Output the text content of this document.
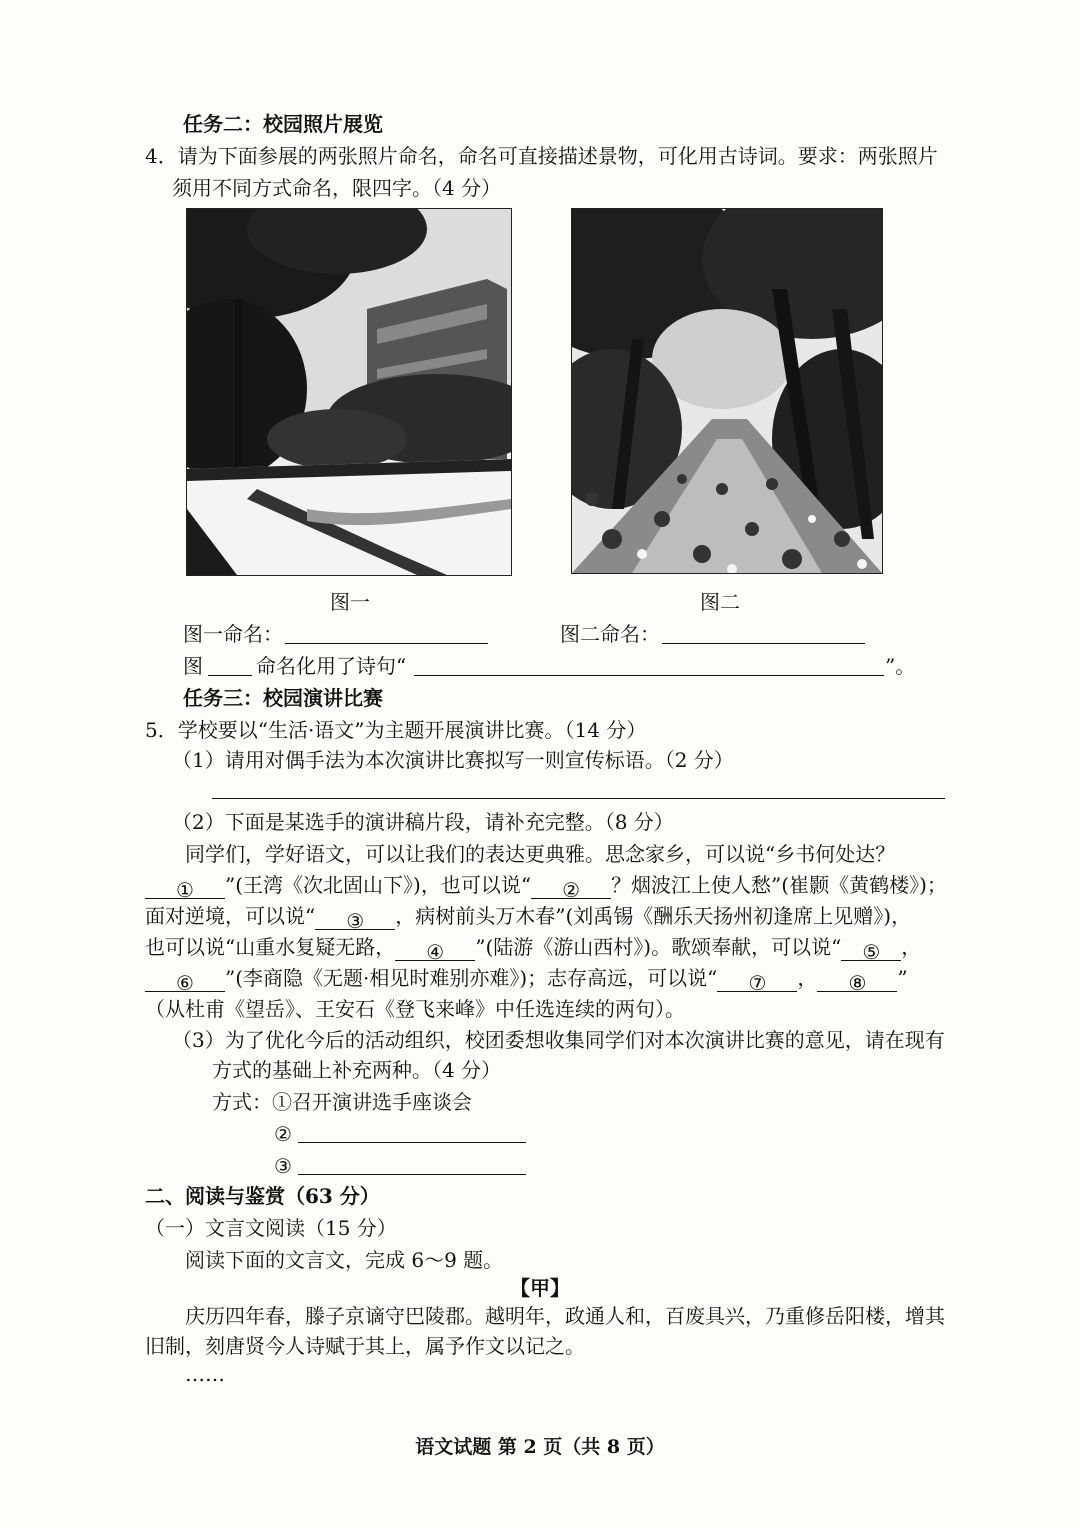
任务二：校园照片展览
4．请为下面参展的两张照片命名，命名可直接描述景物，可化用古诗词。要求：两张照片
须用不同方式命名，限四字。（4 分）
图一	图二
图一命名：	图二命名：
图	命名化用了诗句“	”。
任务三：校园演讲比赛
5．学校要以“生活·语文”为主题开展演讲比赛。（14 分）
（1）请用对偶手法为本次演讲比赛拟写一则宣传标语。（2 分）
（2）下面是某选手的演讲稿片段，请补充完整。（8 分）
同学们，学好语文，可以让我们的表达更典雅。思念家乡，可以说“乡书何处达？
① ”(王湾《次北固山下》)，也可以说“ ② ？烟波江上使人愁”(崔颢《黄鹤楼》)；
面对逆境，可以说“ ③ ，病树前头万木春”(刘禹锡《酬乐天扬州初逢席上见赠》)，
也可以说“山重水复疑无路， ④ ”(陆游《游山西村》)。歌颂奉献，可以说“ ⑤ ，
⑥ ”(李商隐《无题·相见时难别亦难》)；志存高远，可以说“ ⑦ ， ⑧ ”
（从杜甫《望岳》、王安石《登飞来峰》中任选连续的两句）。
（3）为了优化今后的活动组织，校团委想收集同学们对本次演讲比赛的意见，请在现有
方式的基础上补充两种。（4 分）
方式：①召开演讲选手座谈会
②
③
二、阅读与鉴赏（63 分）
（一）文言文阅读（15 分）
阅读下面的文言文，完成 6～9 题。
【甲】
庆历四年春，滕子京谪守巴陵郡。越明年，政通人和，百废具兴，乃重修岳阳楼，增其
旧制，刻唐贤今人诗赋于其上，属予作文以记之。
……
语文试题 第 2 页（共 8 页）
